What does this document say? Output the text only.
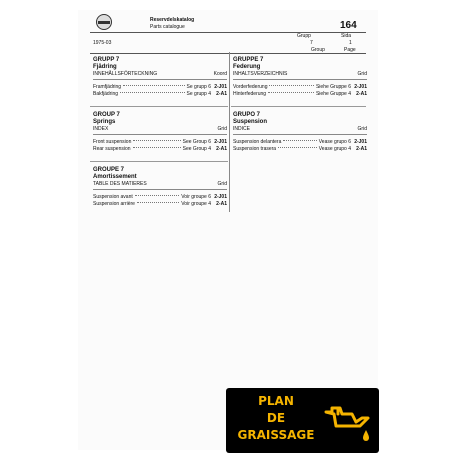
Reservdelskatalog
Parts catalogue	164
Grupp	Sida
1975-03	7	1
Group	Page
GRUPP 7
Fjädring
INNEHÅLLSFÖRTECKNING	Koord
Framfjädring	Se grupp 6 2-J01
Bakfjädring	Se grupp 4	2-A1
GRUPPE 7
Federung
INHALTSVERZEICHNIS	Grid
Vorderfederung	Siehe Gruppe 6 2-J01
Hinterfederung	Siehe Gruppe 4	2-A1
GROUP 7
Springs
INDEX	Grid
Front suspension	See Group 6 2-J01
Rear suspension	See Group 4	2-A1
GRUPO 7
Suspension
INDICE	Grid
Suspension delantera	Vease grupo 6 2-J01
Suspension trasera	Vease grupo 4	2-A1
GROUPE 7
Amortissement
TABLE DES MATIERES	Grid
Suspension avant	Voir groupe 6 2-J01
Suspension arrière	Voir groupe 4	2-A1
PLAN
DE
GRAISSAGE
